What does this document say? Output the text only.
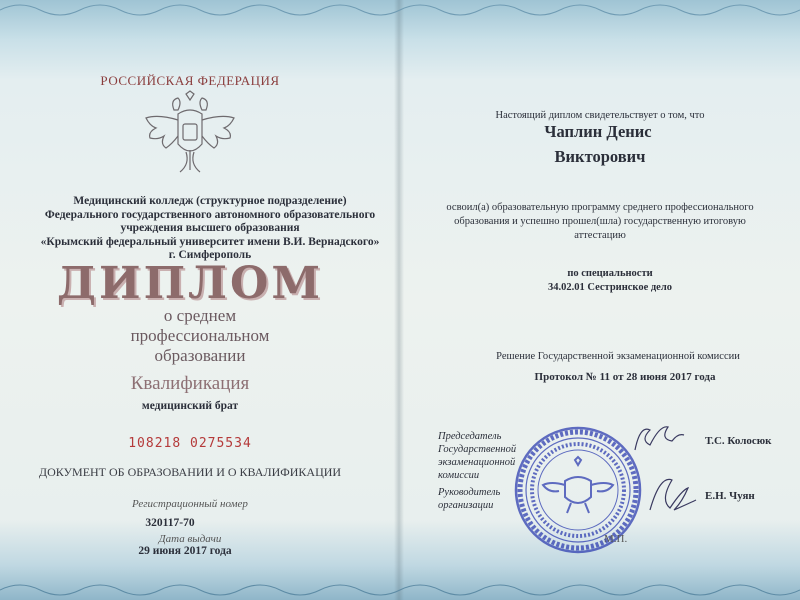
РОССИЙСКАЯ ФЕДЕРАЦИЯ
Медицинский колледж (структурное подразделение)
Федерального государственного автономного образовательного
учреждения высшего образования
«Крымский федеральный университет имени В.И. Вернадского»
г. Симферополь
ДИПЛОМ
о среднем профессиональном
образовании
Квалификация
медицинский брат
108218 0275534
ДОКУМЕНТ ОБ ОБРАЗОВАНИИ И О КВАЛИФИКАЦИИ
Регистрационный номер
320117-70
Дата выдачи
29 июня 2017 года
Настоящий диплом свидетельствует о том, что
Чаплин Денис
Викторович
освоил(а) образовательную программу среднего профессионального
образования и успешно прошел(шла) государственную итоговую
аттестацию
по специальности
34.02.01 Сестринское дело
Решение Государственной экзаменационной комиссии
Протокол № 11 от 28 июня 2017 года
Председатель
Государственной
экзаменационной комиссии
Т.С. Колосюк
Руководитель
организации
Е.Н. Чуян
М.П.
